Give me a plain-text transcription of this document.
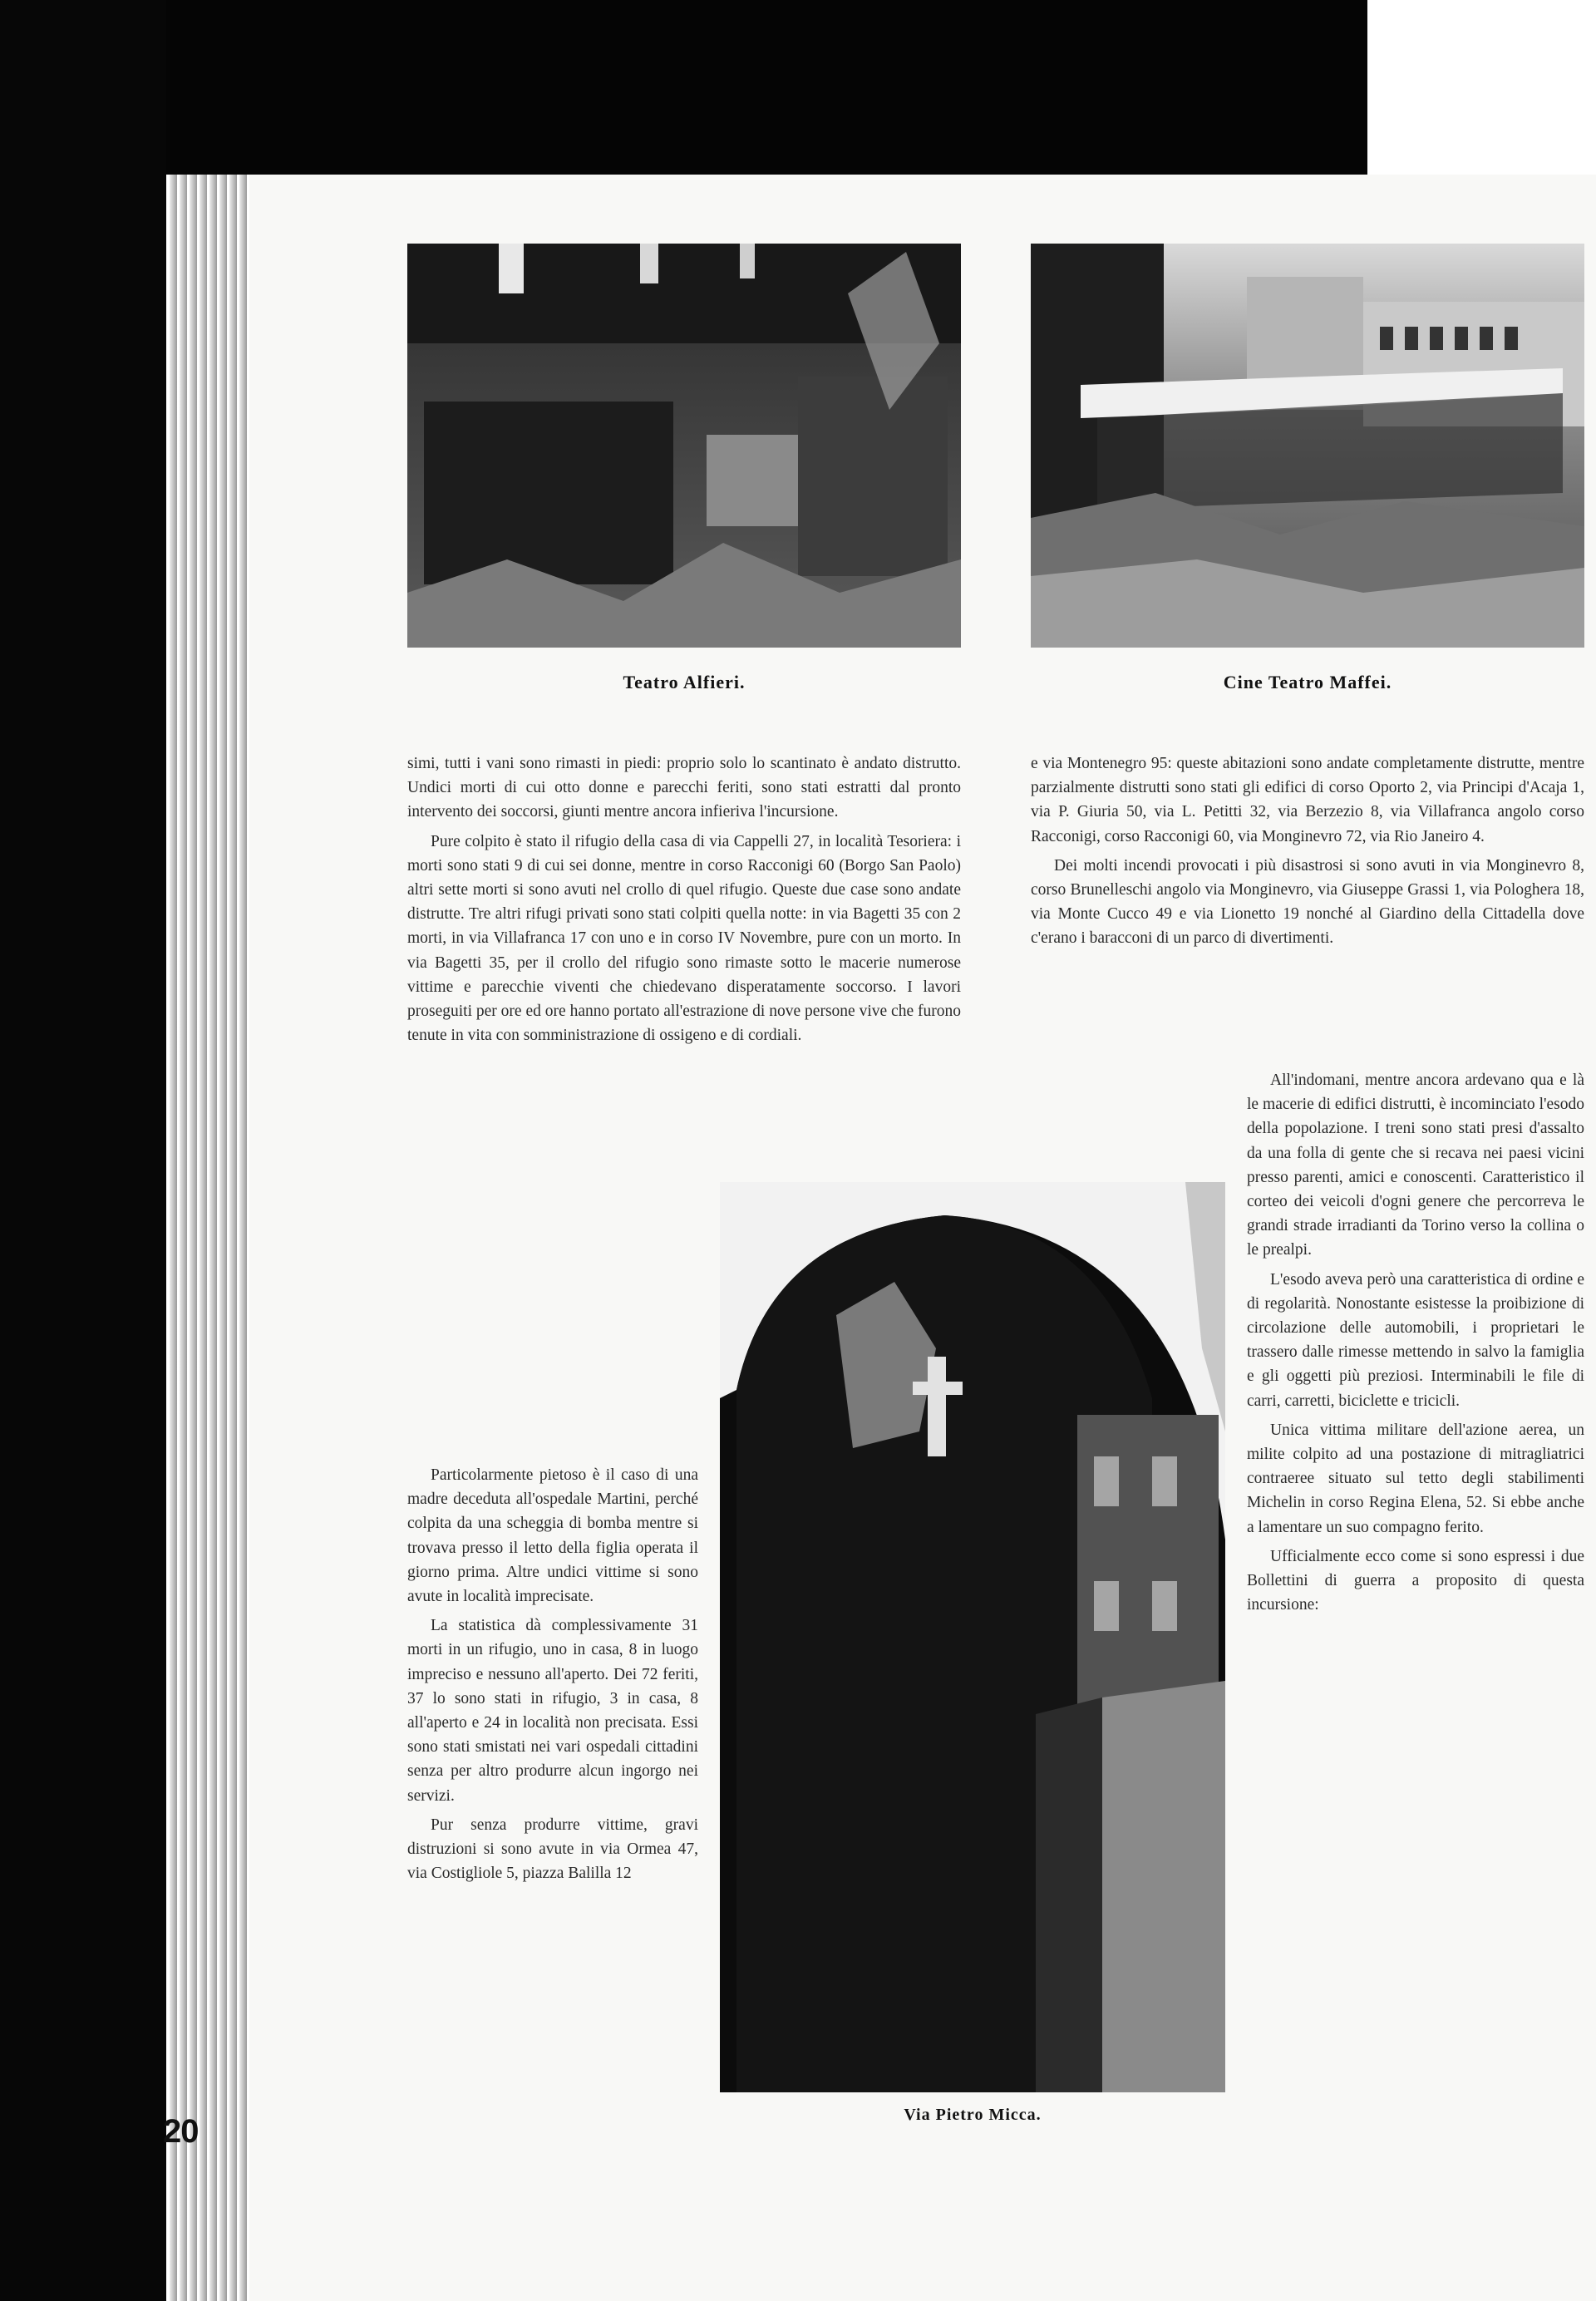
Teatro Alfieri.	Cine Teatro Maffei.
Via Pietro Micca.

simi, tutti i vani sono rimasti in piedi: proprio solo lo scantinato è andato distrutto. Undici morti di cui otto donne e parecchi feriti, sono stati estratti dal pronto intervento dei soccorsi, giunti mentre ancora infieriva l'incursione.

Pure colpito è stato il rifugio della casa di via Cappelli 27, in località Tesoriera: i morti sono stati 9 di cui sei donne, mentre in corso Racconigi 60 (Borgo San Paolo) altri sette morti si sono avuti nel crollo di quel rifugio. Queste due case sono andate distrutte. Tre altri rifugi privati sono stati colpiti quella notte: in via Bagetti 35 con 2 morti, in via Villafranca 17 con uno e in corso IV Novembre, pure con un morto. In via Bagetti 35, per il crollo del rifugio sono rimaste sotto le macerie numerose vittime e parecchie viventi che chiedevano disperatamente soccorso. I lavori proseguiti per ore ed ore hanno portato all'estrazione di nove persone vive che furono tenute in vita con somministrazione di ossigeno e di cordiali.

Particolarmente pietoso è il caso di una madre deceduta all'ospedale Martini, perché colpita da una scheggia di bomba mentre si trovava presso il letto della figlia operata il giorno prima. Altre undici vittime si sono avute in località imprecisate.

La statistica dà complessivamente 31 morti in un rifugio, uno in casa, 8 in luogo impreciso e nessuno all'aperto. Dei 72 feriti, 37 lo sono stati in rifugio, 3 in casa, 8 all'aperto e 24 in località non precisata. Essi sono stati smistati nei vari ospedali cittadini senza per altro produrre alcun ingorgo nei servizi.

Pur senza produrre vittime, gravi distruzioni si sono avute in via Ormea 47, via Costigliole 5, piazza Balilla 12

e via Montenegro 95: queste abitazioni sono andate completamente distrutte, mentre parzialmente distrutti sono stati gli edifici di corso Oporto 2, via Principi d'Acaja 1, via P. Giuria 50, via L. Petitti 32, via Berzezio 8, via Villafranca angolo corso Racconigi, corso Racconigi 60, via Monginevro 72, via Rio Janeiro 4.

Dei molti incendi provocati i più disastrosi si sono avuti in via Monginevro 8, corso Brunelleschi angolo via Monginevro, via Giuseppe Grassi 1, via Pologhera 18, via Monte Cucco 49 e via Lionetto 19 nonché al Giardino della Cittadella dove c'erano i baracconi di un parco di divertimenti.

All'indomani, mentre ancora ardevano qua e là le macerie di edifici distrutti, è incominciato l'esodo della popolazione. I treni sono stati presi d'assalto da una folla di gente che si recava nei paesi vicini presso parenti, amici e conoscenti. Caratteristico il corteo dei veicoli d'ogni genere che percorreva le grandi strade irradianti da Torino verso la collina o le prealpi.

L'esodo aveva però una caratteristica di ordine e di regolarità. Nonostante esistesse la proibizione di circolazione delle automobili, i proprietari le trassero dalle rimesse mettendo in salvo la famiglia e gli oggetti più preziosi. Interminabili le file di carri, carretti, biciclette e tricicli.

Unica vittima militare dell'azione aerea, un milite colpito ad una postazione di mitragliatrici contraeree situato sul tetto degli stabilimenti Michelin in corso Regina Elena, 52. Si ebbe anche a lamentare un suo compagno ferito.

Ufficialmente ecco come si sono espressi i due Bollettini di guerra a proposito di questa incursione:

20
